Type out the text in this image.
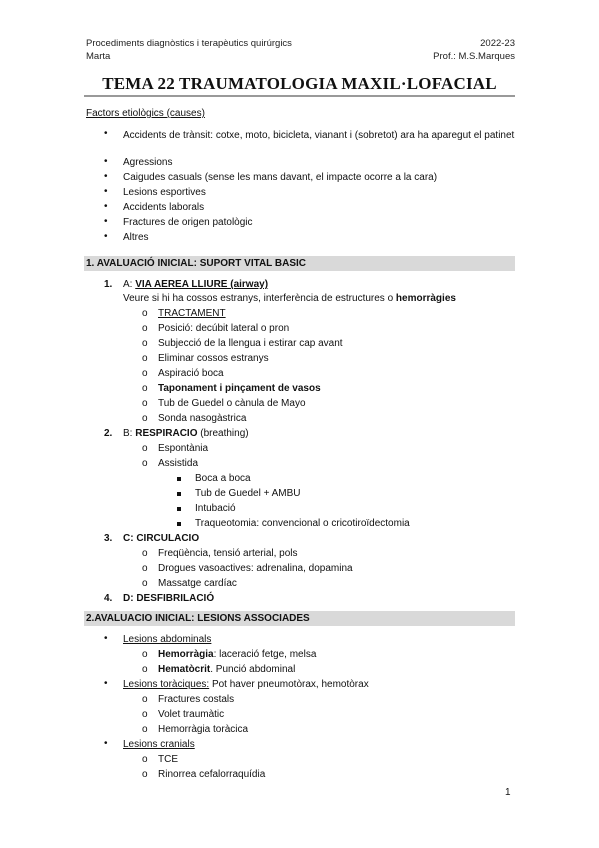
Procediments diagnòstics i terapèutics quirúrgics
Marta
2022-23
Prof.: M.S.Marques
TEMA 22 TRAUMATOLOGIA MAXIL·LOFACIAL
Factors etiològics (causes)
• Accidents de trànsit: cotxe, moto, bicicleta, vianant i (sobretot) ara ha aparegut el patinet
• Agressions
• Caigudes casuals (sense les mans davant, el impacte ocorre a la cara)
• Lesions esportives
• Accidents laborals
• Fractures de origen patològic
• Altres
1. AVALUACIÓ INICIAL: SUPORT VITAL BASIC
1. A: VIA AEREA LLIURE (airway)
Veure si hi ha cossos estranys, interferència de estructures o hemorràgies
o TRACTAMENT
o Posició: decúbit lateral o pron
o Subjecció de la llengua i estirar cap avant
o Eliminar cossos estranys
o Aspiració boca
o Taponament i pinçament de vasos
o Tub de Guedel o cànula de Mayo
o Sonda nasogàstrica
2. B: RESPIRACIO (breathing)
o Espontània
o Assistida
Boca a boca
Tub de Guedel + AMBU
Intubació
Traqueotomia: convencional o cricotiroïdectomia
3. C: CIRCULACIO
o Freqüència, tensió arterial, pols
o Drogues vasoactives: adrenalina, dopamina
o Massatge cardíac
4. D: DESFIBRILACIÓ
2.AVALUACIO INICIAL: LESIONS ASSOCIADES
• Lesions abdominals
o Hemorràgia: laceració fetge, melsa
o Hematòcrit. Punció abdominal
• Lesions toràciques: Pot haver pneumotòrax, hemotòrax
o Fractures costals
o Volet traumàtic
o Hemorràgia toràcica
• Lesions cranials
o TCE
o Rinorrea cefalorraquídia
1
